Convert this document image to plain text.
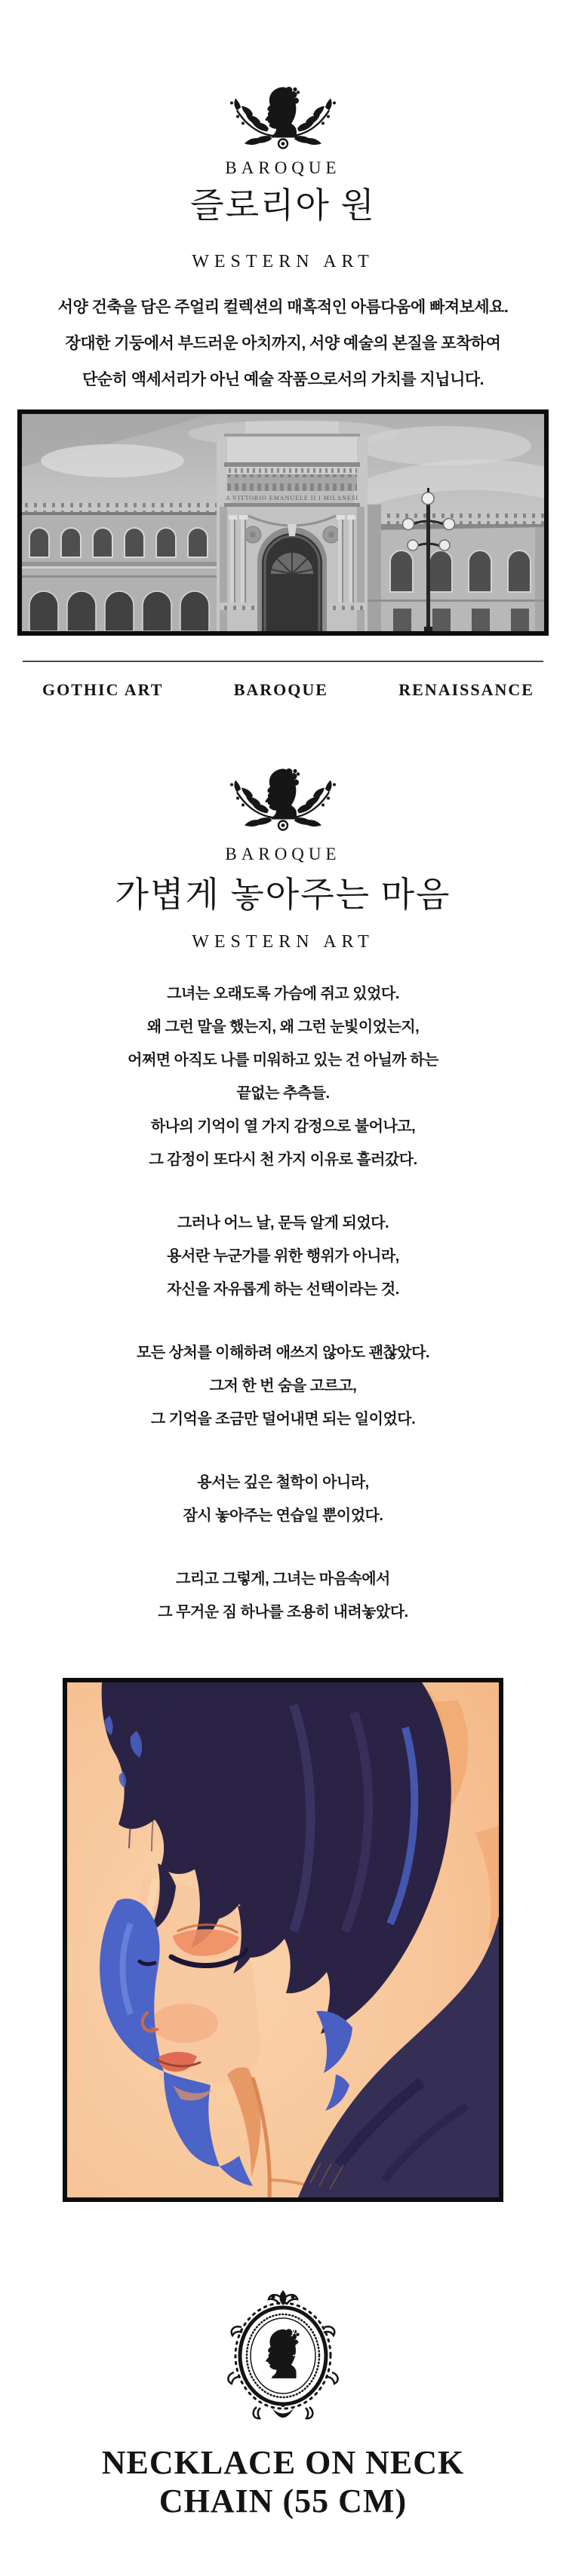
BAROQUE
즐로리아 원
WESTERN ART
서양 건축을 담은 주얼리 컬렉션의 매혹적인 아름다움에 빠져보세요.
장대한 기둥에서 부드러운 아치까지, 서양 예술의 본질을 포착하여
단순히 액세서리가 아닌 예술 작품으로서의 가치를 지닙니다.
A VITTORIO EMANUELE II I MILANESI
GOTHIC ART	BAROQUE	RENAISSANCE
BAROQUE
가볍게 놓아주는 마음
WESTERN ART
그녀는 오래도록 가슴에 쥐고 있었다.
왜 그런 말을 했는지, 왜 그런 눈빛이었는지,
어쩌면 아직도 나를 미워하고 있는 건 아닐까 하는
끝없는 추측들.
하나의 기억이 열 가지 감정으로 불어나고,
그 감정이 또다시 천 가지 이유로 흘러갔다.
그러나 어느 날, 문득 알게 되었다.
용서란 누군가를 위한 행위가 아니라,
자신을 자유롭게 하는 선택이라는 것.
모든 상처를 이해하려 애쓰지 않아도 괜찮았다.
그저 한 번 숨을 고르고,
그 기억을 조금만 덜어내면 되는 일이었다.
용서는 깊은 철학이 아니라,
잠시 놓아주는 연습일 뿐이었다.
그리고 그렇게, 그녀는 마음속에서
그 무거운 짐 하나를 조용히 내려놓았다.
NECKLACE ON NECK
CHAIN (55 CM)
